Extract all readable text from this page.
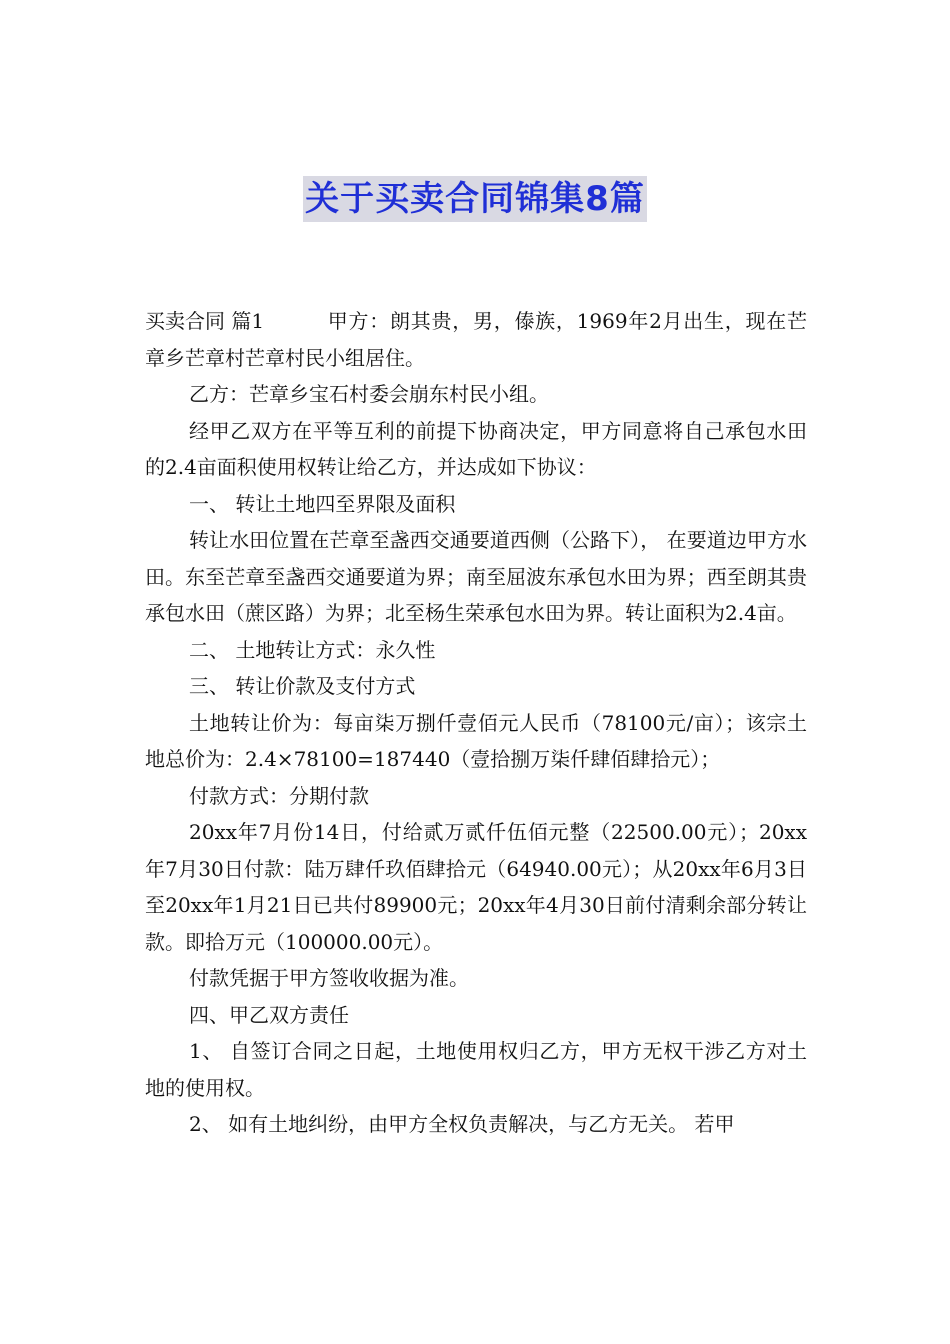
关于买卖合同锦集8篇

买卖合同 篇1	甲方：朗其贵，男，傣族，1969年2月出生，现在芒章乡芒章村芒章村民小组居住。

乙方：芒章乡宝石村委会崩东村民小组。

经甲乙双方在平等互利的前提下协商决定，甲方同意将自己承包水田的2.4亩面积使用权转让给乙方，并达成如下协议：

一、 转让土地四至界限及面积

转让水田位置在芒章至盏西交通要道西侧（公路下）， 在要道边甲方水田。东至芒章至盏西交通要道为界；南至屈波东承包水田为界；西至朗其贵承包水田（蔗区路）为界；北至杨生荣承包水田为界。转让面积为2.4亩。

二、 土地转让方式：永久性

三、 转让价款及支付方式

土地转让价为：每亩柒万捌仟壹佰元人民币（78100元/亩）；该宗土地总价为：2.4×78100=187440（壹拾捌万柒仟肆佰肆拾元）；

付款方式：分期付款

20xx年7月份14日，付给贰万贰仟伍佰元整（22500.00元）；20xx年7月30日付款：陆万肆仟玖佰肆拾元（64940.00元）；从20xx年6月3日至20xx年1月21日已共付89900元；20xx年4月30日前付清剩余部分转让款。即拾万元（100000.00元）。

付款凭据于甲方签收收据为准。

四、甲乙双方责任

1、 自签订合同之日起，土地使用权归乙方，甲方无权干涉乙方对土地的使用权。

2、 如有土地纠纷，由甲方全权负责解决，与乙方无关。 若甲
